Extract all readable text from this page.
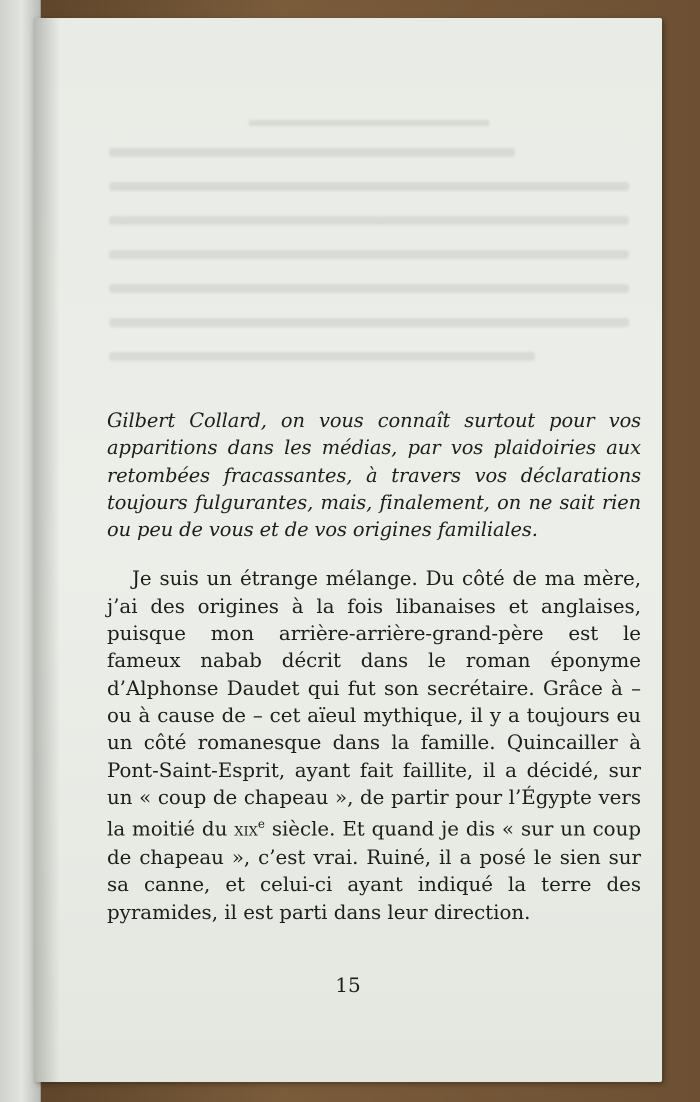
Gilbert Collard, on vous connaît surtout pour vos apparitions dans les médias, par vos plaidoiries aux retombées fracassantes, à travers vos déclarations toujours fulgurantes, mais, finalement, on ne sait rien ou peu de vous et de vos origines familiales.

Je suis un étrange mélange. Du côté de ma mère, j’ai des origines à la fois libanaises et anglaises, puisque mon arrière-arrière-grand-père est le fameux nabab décrit dans le roman éponyme d’Alphonse Daudet qui fut son secrétaire. Grâce à – ou à cause de – cet aïeul mythique, il y a toujours eu un côté romanesque dans la famille. Quincailler à Pont-Saint-Esprit, ayant fait faillite, il a décidé, sur un « coup de chapeau », de partir pour l’Égypte vers la moitié du xix$^e$ siècle. Et quand je dis « sur un coup de chapeau », c’est vrai. Ruiné, il a posé le sien sur sa canne, et celui-ci ayant indiqué la terre des pyramides, il est parti dans leur direction.

15
